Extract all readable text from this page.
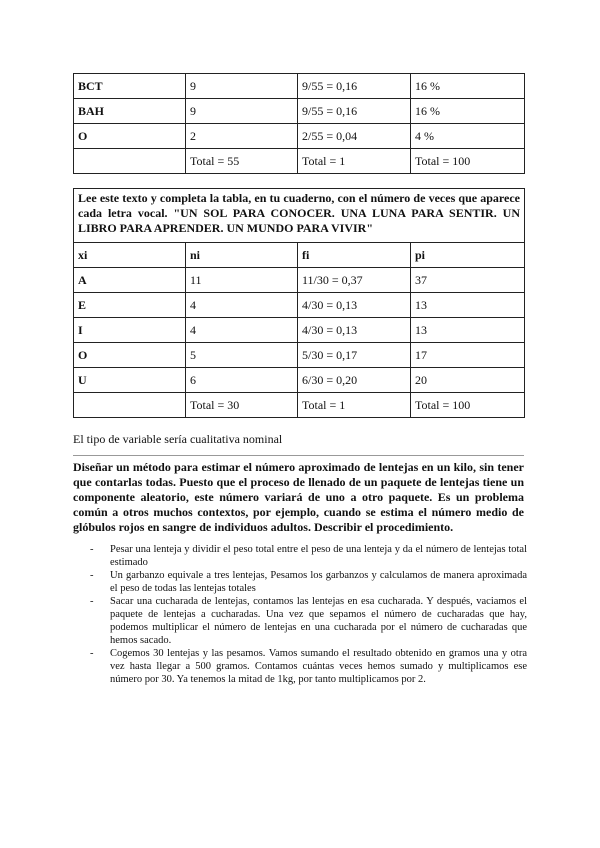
BCT	9	9/55 = 0,16	16 %
BAH	9	9/55 = 0,16	16 %
O	2	2/55 = 0,04	4 %
	Total = 55	Total = 1	Total = 100
Lee este texto y completa la tabla, en tu cuaderno, con el número de veces que aparece cada letra vocal. "UN SOL PARA CONOCER. UNA LUNA PARA SENTIR. UN LIBRO PARA APRENDER. UN MUNDO PARA VIVIR"			
xi	ni	fi	pi
A	11	11/30 = 0,37	37
E	4	4/30 = 0,13	13
I	4	4/30 = 0,13	13
O	5	5/30 = 0,17	17
U	6	6/30 = 0,20	20
	Total = 30	Total = 1	Total = 100
El tipo de variable sería cualitativa nominal
Diseñar un método para estimar el número aproximado de lentejas en un kilo, sin tener que contarlas todas. Puesto que el proceso de llenado de un paquete de lentejas tiene un componente aleatorio, este número variará de uno a otro paquete. Es un problema común a otros muchos contextos, por ejemplo, cuando se estima el número medio de glóbulos rojos en sangre de individuos adultos. Describir el procedimiento.
- Pesar una lenteja y dividir el peso total entre el peso de una lenteja y da el número de lentejas total estimado
- Un garbanzo equivale a tres lentejas, Pesamos los garbanzos y calculamos de manera aproximada el peso de todas las lentejas totales
- Sacar una cucharada de lentejas, contamos las lentejas en esa cucharada. Y después, vaciamos el paquete de lentejas a cucharadas. Una vez que sepamos el número de cucharadas que hay, podemos multiplicar el número de lentejas en una cucharada por el número de cucharadas que hemos sacado.
- Cogemos 30 lentejas y las pesamos. Vamos sumando el resultado obtenido en gramos una y otra vez hasta llegar a 500 gramos. Contamos cuántas veces hemos sumado y multiplicamos ese número por 30. Ya tenemos la mitad de 1kg, por tanto multiplicamos por 2.
